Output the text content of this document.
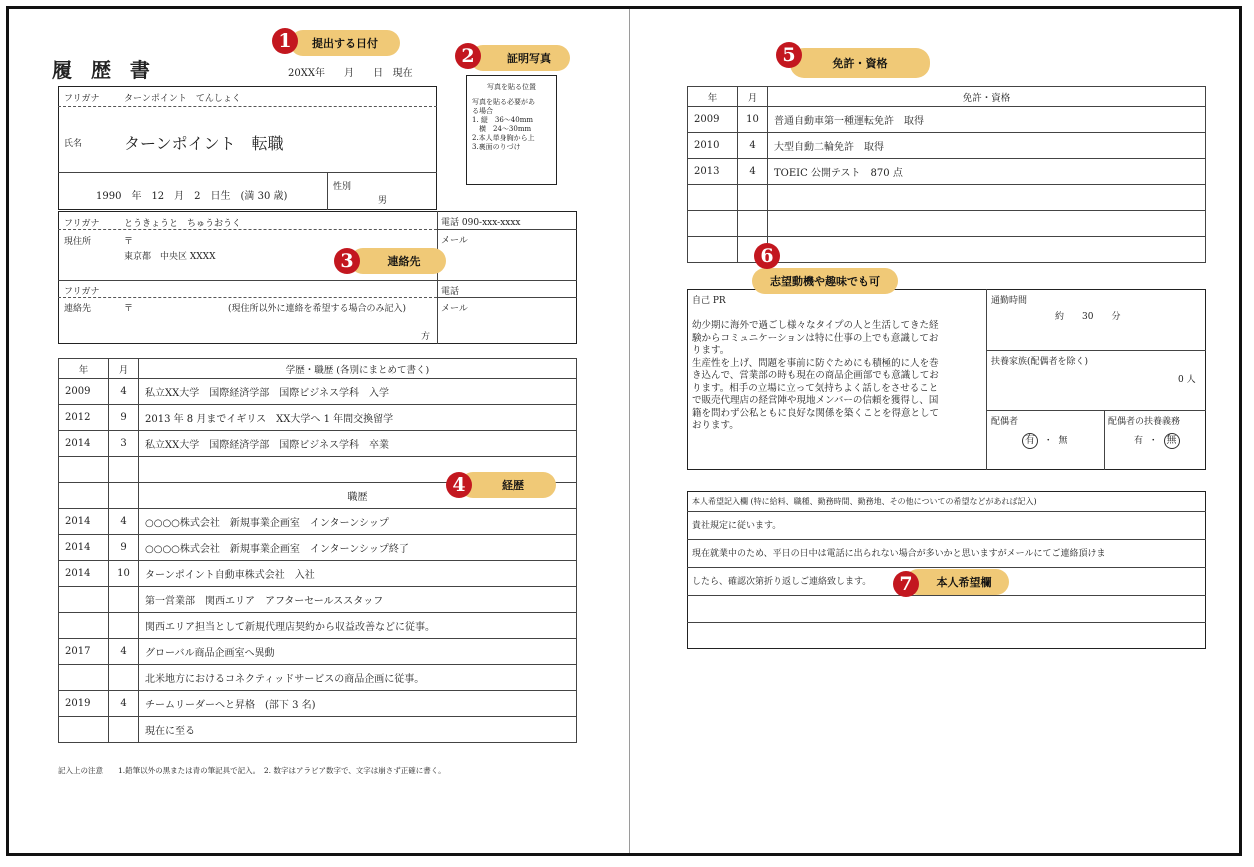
履 歴 書	20XX年 月 日 現在
写真を貼る位置
写真を貼る必要があ
る場合
1. 縦　36〜40mm
　横　24〜30mm
2.本人単身胸から上
3.裏面のりづけ
フリガナ	ターンポイント　てんしょく
氏名	ターンポイント　転職
1990　年　12　月　2　日生　(満 30 歳)
性別
男
フリガナ	とうきょうと　ちゅうおうく
現住所	〒
東京都　中央区 XXXX
電話 090-xxx-xxxx
メール
フリガナ
連絡先	〒	(現住所以外に連絡を希望する場合のみ記入)
方
電話
メール
年	月	学歴・職歴 (各別にまとめて書く)
2009	4	私立XX大学　国際経済学部　国際ビジネス学科　入学
2012	9	2013 年 8 月までイギリス　XX大学へ 1 年間交換留学
2014	3	私立XX大学　国際経済学部　国際ビジネス学科　卒業

		職歴
2014	4	○○○○株式会社　新規事業企画室　インターンシップ
2014	9	○○○○株式会社　新規事業企画室　インターンシップ終了
2014	10	ターンポイント自動車株式会社　入社
		第一営業部　関西エリア　アフターセールススタッフ
		関西エリア担当として新規代理店契約から収益改善などに従事。
2017	4	グローバル商品企画室へ異動
		北米地方におけるコネクティッドサービスの商品企画に従事。
2019	4	チームリーダーへと昇格　(部下 3 名)
		現在に至る
記入上の注意　　1.鉛筆以外の黒または青の筆記具で記入。　2. 数字はアラビア数字で、文字は崩さず正確に書く。
年	月	免許・資格
2009	10	普通自動車第一種運転免許　取得
2010	4	大型自動二輪免許　取得
2013	4	TOEIC 公開テスト　870 点

自己 PR
幼少期に海外で過ごし様々なタイプの人と生活してきた経
験からコミュニケーションは特に仕事の上でも意識してお
ります。
生産性を上げ、問題を事前に防ぐためにも積極的に人を巻
き込んで、営業部の時も現在の商品企画部でも意識してお
ります。相手の立場に立って気持ちよく話しをさせること
で販売代理店の経営陣や現地メンバーの信頼を獲得し、国
籍を問わず公私ともに良好な関係を築くことを得意として
おります。
通勤時間
約　　30　　分
扶養家族(配偶者を除く)
0 人
配偶者
有 ・ 無
配偶者の扶養義務
有 ・ 無
本人希望記入欄 (特に給料、職種、勤務時間、勤務地、その他についての希望などがあれば記入)
貴社規定に従います。
現在就業中のため、平日の日中は電話に出られない場合が多いかと思いますがメールにてご連絡頂けま
したら、確認次第折り返しご連絡致します。
提出する日付
1
証明写真
2
連絡先
3
経歴
4
免許・資格
5
志望動機や趣味でも可
6
本人希望欄
7
